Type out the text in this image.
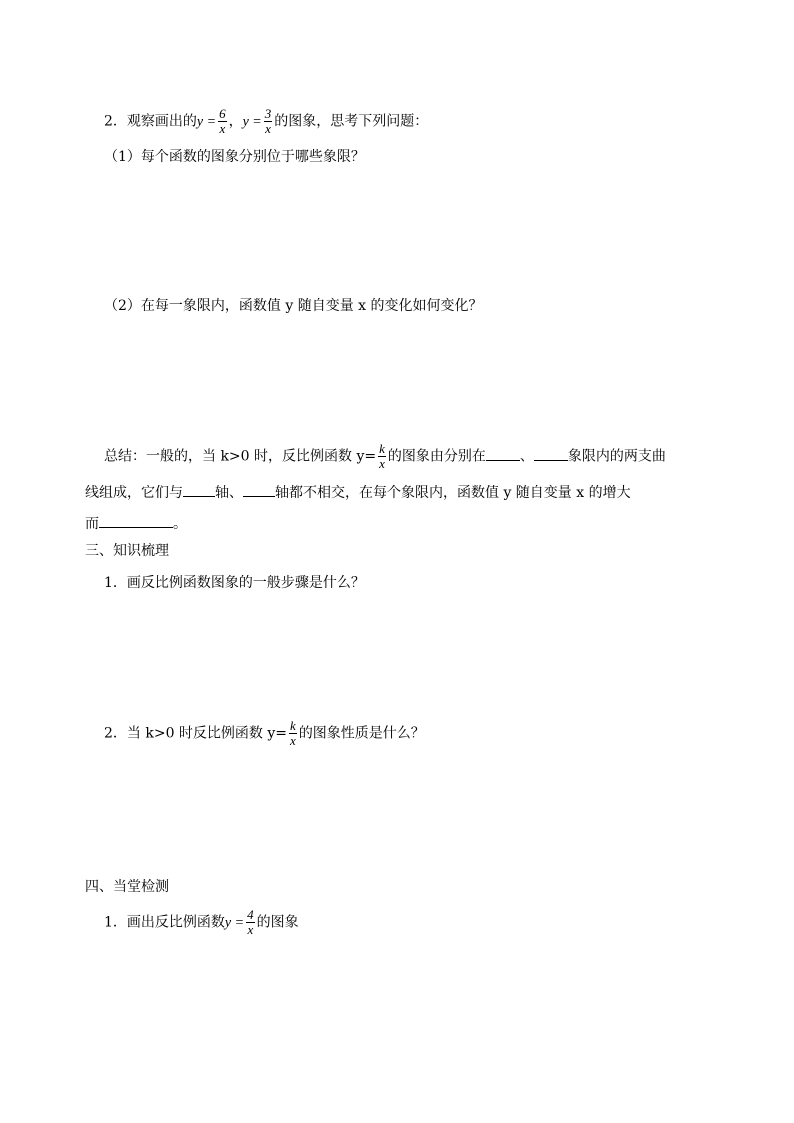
2．观察画出的$y = \frac{6}{x}$ ，$y = \frac{3}{x}$ 的图象，思考下列问题：
（1）每个函数的图象分别位于哪些象限？
（2）在每一象限内，函数值 y 随自变量 x 的变化如何变化？
总结：一般的，当 k>0 时，反比例函数 $y= \frac{k}{x}$ 的图象由分别在 、 象限内的两支曲
线组成，它们与 轴、 轴都不相交，在每个象限内，函数值 y 随自变量 x 的增大
而	。
三、知识梳理
1．画反比例函数图象的一般步骤是什么？
2．当 k>0 时反比例函数 $y= \frac{k}{x}$ 的图象性质是什么？
四、当堂检测
1．画出反比例函数$y = \frac{4}{x}$ 的图象
